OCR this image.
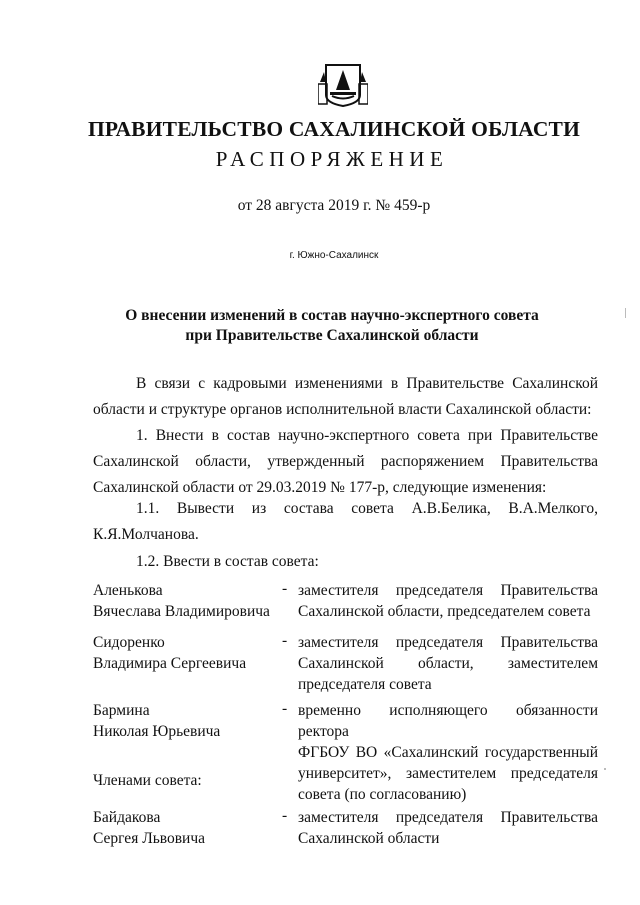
ПРАВИТЕЛЬСТВО САХАЛИНСКОЙ ОБЛАСТИ
РАСПОРЯЖЕНИЕ
от 28 августа 2019 г. № 459-р
г. Южно-Сахалинск
О внесении изменений в состав научно-экспертного совета
при Правительстве Сахалинской области
В связи с кадровыми изменениями в Правительстве Сахалинской области и структуре органов исполнительной власти Сахалинской области:
1. Внести в состав научно-экспертного совета при Правительстве Сахалинской области, утвержденный распоряжением Правительства Сахалинской области от 29.03.2019 № 177-р, следующие изменения:
1.1. Вывести из состава совета А.В.Белика, В.А.Мелкого,
К.Я.Молчанова.
1.2. Ввести в состав совета:
Аленькова
Вячеслава Владимировича
- заместителя председателя Правительства
Сахалинской области, председателем совета
Сидоренко
Владимира Сергеевича
- заместителя председателя Правительства
Сахалинской области, заместителем
председателя совета
Бармина
Николая Юрьевича
- временно исполняющего обязанности ректора
ФГБОУ ВО «Сахалинский государственный
университет», заместителем председателя
совета (по согласованию)
Членами совета:
Байдакова
Сергея Львовича
- заместителя председателя Правительства
Сахалинской области
